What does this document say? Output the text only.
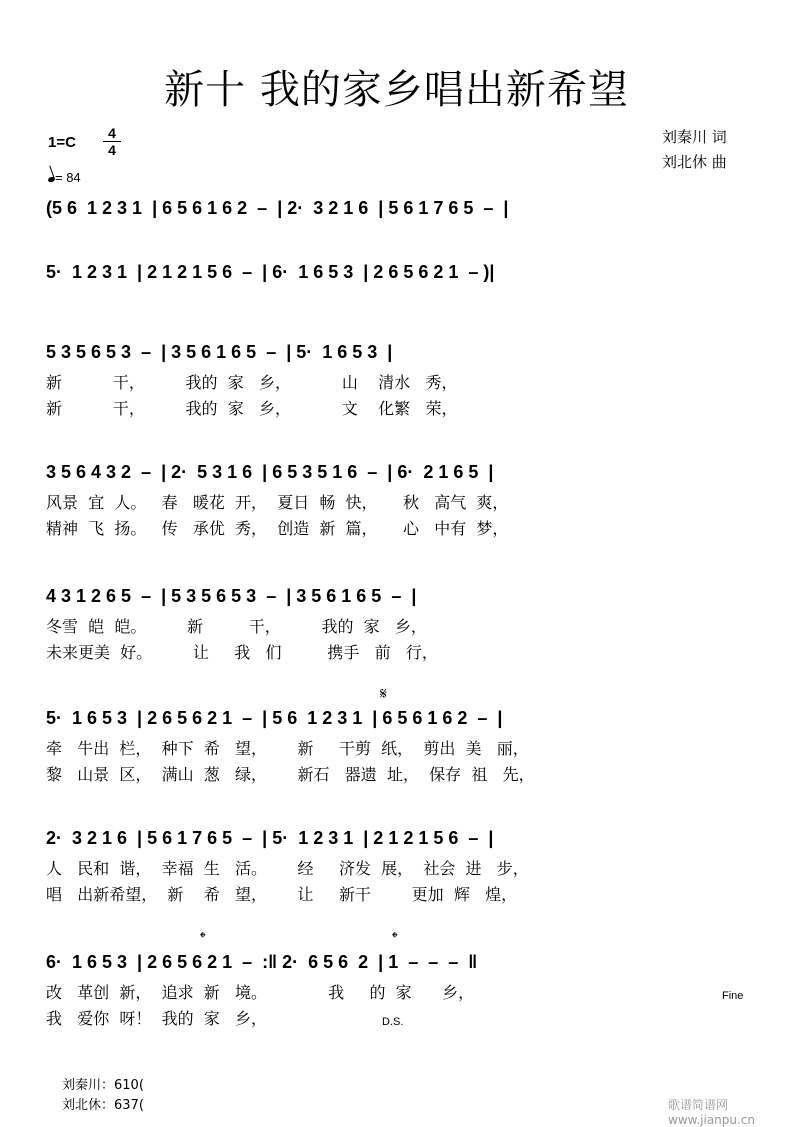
新十 我的家乡唱出新希望
1=C
4
4
= 84
刘秦川 词
刘北休 曲
(5 6  1 2 3 1  | 6 5 6 1 6 2  –  | 2·  3 2 1 6  | 5 6 1 7 6 5  –  |
5·  1 2 3 1  | 2 1 2 1 5 6  –  | 6·  1 6 5 3  | 2 6 5 6 2 1  – )|
5 3 5 6 5 3  –  | 3 5 6 1 6 5  –  | 5·  1 6 5 3  |
新          干，        我的  家   乡，          山    清水   秀，
新          干，        我的  家   乡，          文    化繁   荣，
3 5 6 4 3 2  –  | 2·  5 3 1 6  | 6 5 3 5 1 6  –  | 6·  2 1 6 5  |
风景  宜  人。   春   暖花  开，  夏日  畅  快，     秋   高气  爽，
精神  飞  扬。   传   承优  秀，  创造  新  篇，     心   中有  梦，
4 3 1 2 6 5  –  | 5 3 5 6 5 3  –  | 3 5 6 1 6 5  –  |
冬雪  皑  皑。        新         干，        我的  家   乡，
未来更美  好。        让     我   们         携手   前   行，
𝄋
5·  1 6 5 3  | 2 6 5 6 2 1  –  | 5 6  1 2 3 1  | 6 5 6 1 6 2  –  |
牵   牛出  栏，  种下  希   望，      新     干剪  纸，  剪出  美   丽，
黎   山景  区，  满山  葱   绿，      新石   器遗  址，  保存  祖   先，
2·  3 2 1 6  | 5 6 1 7 6 5  –  | 5·  1 2 3 1  | 2 1 2 1 5 6  –  |
人   民和  谐，  幸福  生   活。      经     济发  展，  社会  进   步，
唱   出新希望，  新    希   望，      让     新干        更加  辉   煌，
𝄌	𝄌
6·  1 6 5 3  | 2 6 5 6 2 1  –  :‖ 2·  6 5 6  2  | 1  –  –  –  ‖
改   革创  新，  追求  新   境。            我     的  家      乡，
我   爱你  呀！  我的  家   乡，	D.S.
Fine
刘秦川：610(
刘北休：637(	歌谱简谱网 www.jianpu.cn
